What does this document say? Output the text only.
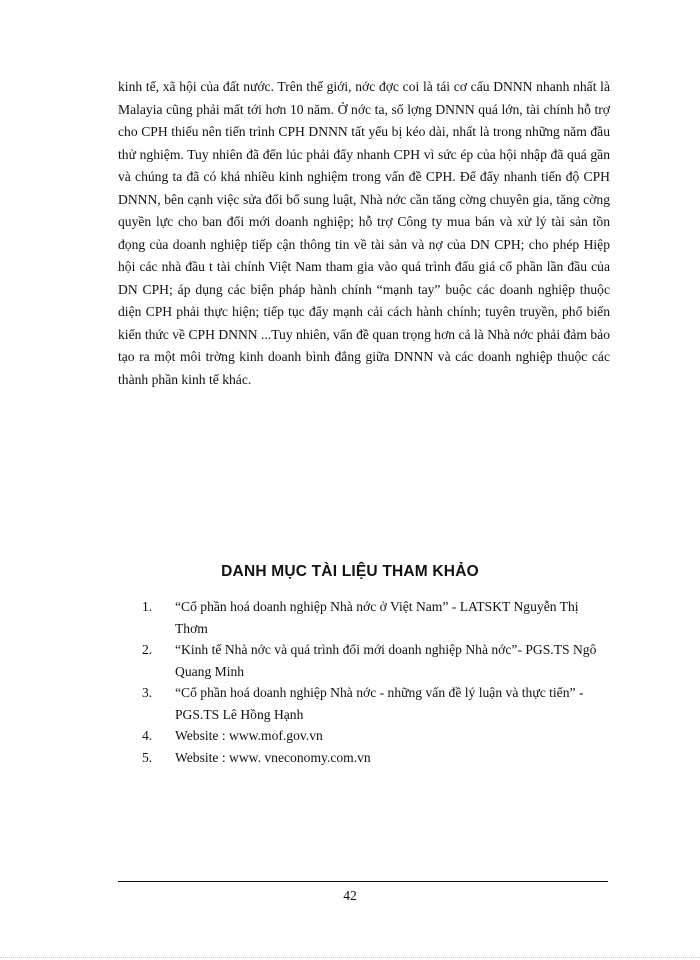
kinh tế, xã hội của đất nước. Trên thế giới, nớc đợc coi là tái cơ cấu DNNN nhanh nhất là Malayia cũng phải mất tới hơn 10 năm. Ở nớc ta, số lợng DNNN quá lớn, tài chính hỗ trợ cho CPH thiếu nên tiến trình CPH DNNN tất yếu bị kéo dài, nhất là trong những năm đầu thử nghiệm. Tuy nhiên đã đến lúc phải đẩy nhanh CPH vì sức ép của hội nhập đã quá gần và chúng ta đã có khá nhiều kinh nghiệm trong vấn đề CPH. Để đẩy nhanh tiến độ CPH DNNN, bên cạnh việc sửa đổi bổ sung luật, Nhà nớc cần tăng cờng chuyên gia, tăng cờng quyền lực cho ban đổi mới doanh nghiệp; hỗ trợ Công ty mua bán và xử lý tài sản tồn đọng của doanh nghiệp tiếp cận thông tin về tài sản và nợ của DN CPH; cho phép Hiệp hội các nhà đầu t tài chính Việt Nam tham gia vào quá trình đấu giá cổ phần lần đầu của DN CPH; áp dụng các biện pháp hành chính “mạnh tay” buộc các doanh nghiệp thuộc diện CPH phải thực hiện; tiếp tục đẩy mạnh cải cách hành chính; tuyên truyền, phổ biến kiến thức về CPH DNNN ...Tuy nhiên, vấn đề quan trọng hơn cả là Nhà nớc phải đảm bảo tạo ra một môi trờng kinh doanh bình đẳng giữa DNNN và các doanh nghiệp thuộc các thành phần kinh tế khác.

DANH MỤC TÀI LIỆU THAM KHẢO
1. “Cổ phần hoá doanh nghiệp Nhà nớc ở Việt Nam” - LATSKT Nguyễn Thị Thơm
2. “Kinh tế Nhà nớc và quá trình đổi mới doanh nghiệp Nhà nớc”- PGS.TS Ngô Quang Minh
3. “Cổ phần hoá doanh nghiệp Nhà nớc - những vấn đề lý luận và thực tiến” - PGS.TS Lê Hồng Hạnh
4. Website : www.mof.gov.vn
5. Website : www. vneconomy.com.vn

42
